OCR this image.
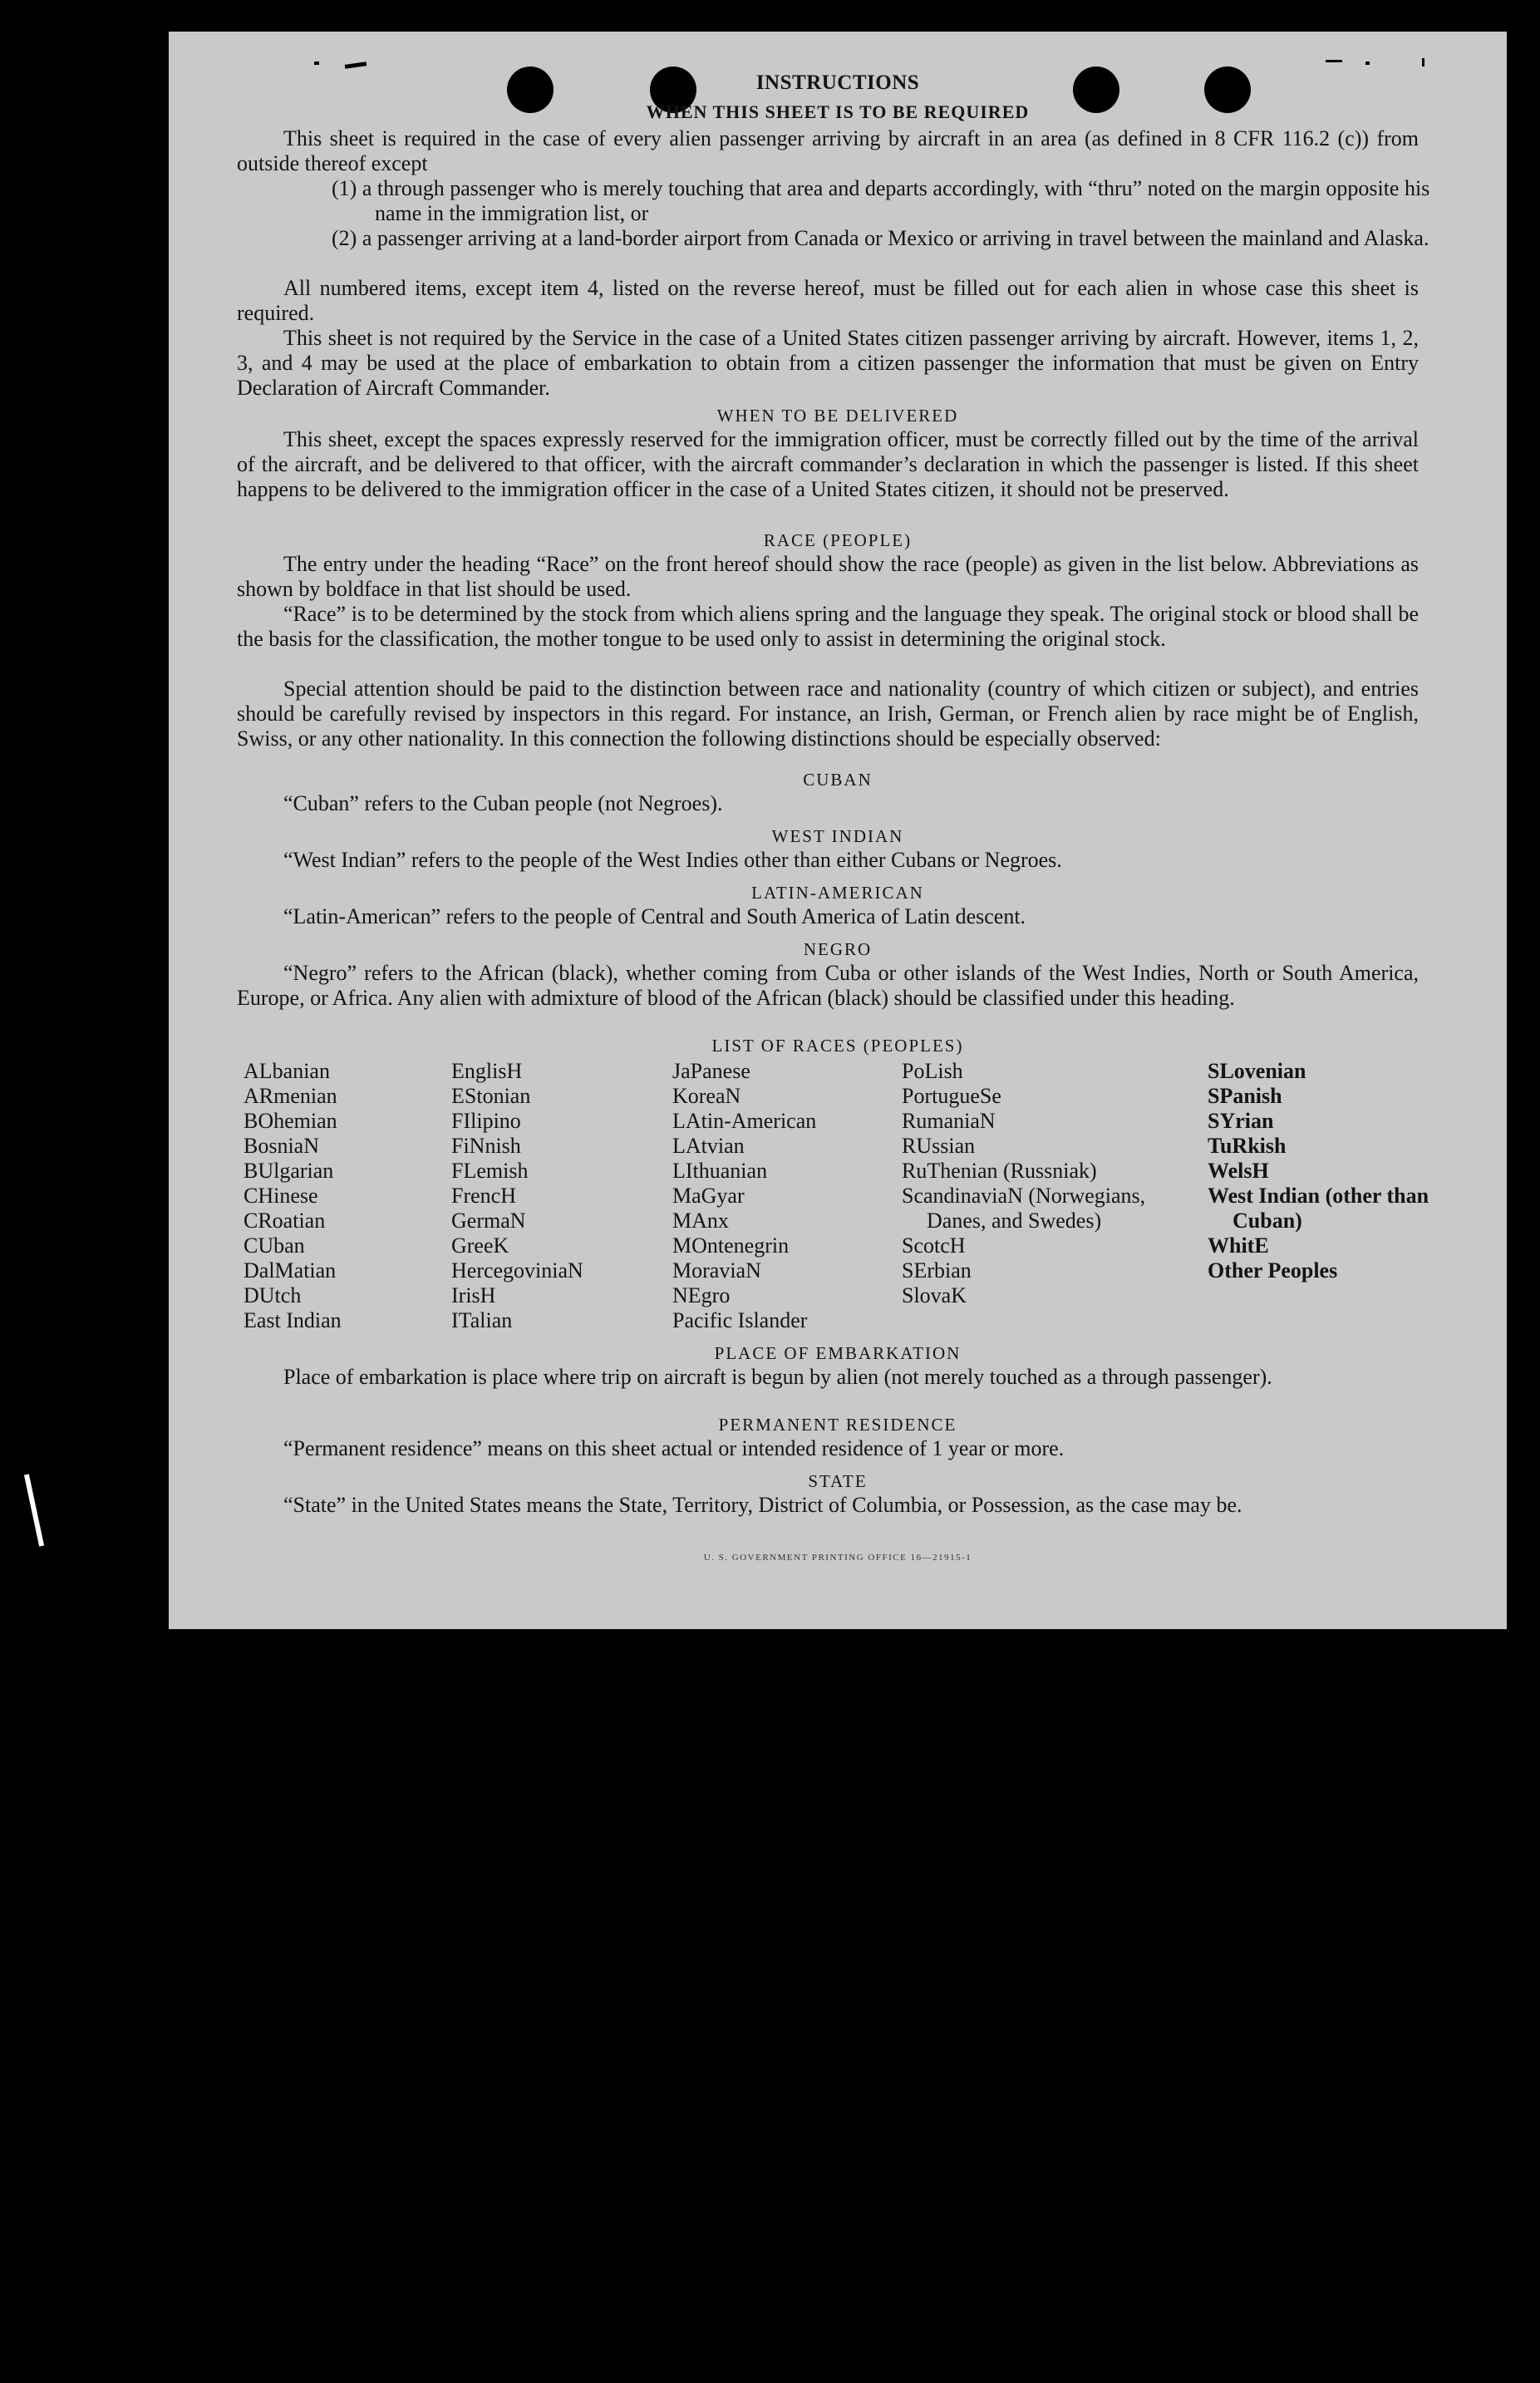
INSTRUCTIONS
WHEN THIS SHEET IS TO BE REQUIRED
This sheet is required in the case of every alien passenger arriving by aircraft in an area (as defined in 8 CFR 116.2 (c)) from outside thereof except
(1) a through passenger who is merely touching that area and departs accordingly, with “thru” noted on the margin opposite his name in the immigration list, or
(2) a passenger arriving at a land-border airport from Canada or Mexico or arriving in travel between the mainland and Alaska.
All numbered items, except item 4, listed on the reverse hereof, must be filled out for each alien in whose case this sheet is required.
This sheet is not required by the Service in the case of a United States citizen passenger arriving by aircraft. However, items 1, 2, 3, and 4 may be used at the place of embarkation to obtain from a citizen passenger the information that must be given on Entry Declaration of Aircraft Commander.
WHEN TO BE DELIVERED
This sheet, except the spaces expressly reserved for the immigration officer, must be correctly filled out by the time of the arrival of the aircraft, and be delivered to that officer, with the aircraft commander’s declaration in which the passenger is listed. If this sheet happens to be delivered to the immigration officer in the case of a United States citizen, it should not be preserved.
RACE (PEOPLE)
The entry under the heading “Race” on the front hereof should show the race (people) as given in the list below. Abbreviations as shown by boldface in that list should be used.
“Race” is to be determined by the stock from which aliens spring and the language they speak. The original stock or blood shall be the basis for the classification, the mother tongue to be used only to assist in determining the original stock.
Special attention should be paid to the distinction between race and nationality (country of which citizen or subject), and entries should be carefully revised by inspectors in this regard. For instance, an Irish, German, or French alien by race might be of English, Swiss, or any other nationality. In this connection the following distinctions should be especially observed:
CUBAN
“Cuban” refers to the Cuban people (not Negroes).
WEST INDIAN
“West Indian” refers to the people of the West Indies other than either Cubans or Negroes.
LATIN-AMERICAN
“Latin-American” refers to the people of Central and South America of Latin descent.
NEGRO
“Negro” refers to the African (black), whether coming from Cuba or other islands of the West Indies, North or South America, Europe, or Africa. Any alien with admixture of blood of the African (black) should be classified under this heading.
LIST OF RACES (PEOPLES)
ALbanian
ARmenian
BOhemian
BosniaN
BUlgarian
CHinese
CRoatian
CUban
DalMatian
DUtch
East Indian
EnglisH
EStonian
FIlipino
FiNnish
FLemish
FrencH
GermaN
GreeK
HercegoviniaN
IrisH
ITalian
JaPanese
KoreaN
LAtin-American
LAtvian
LIthuanian
MaGyar
MAnx
MOntenegrin
MoraviaN
NEgro
Pacific Islander
PoLish
PortugueSe
RumaniaN
RUssian
RuThenian (Russniak)
ScandinaviaN (Norwegians, Danes, and Swedes)
ScotcH
SErbian
SlovaK
SLovenian
SPanish
SYrian
TuRkish
WelsH
West Indian (other than Cuban)
WhitE
Other Peoples
PLACE OF EMBARKATION
Place of embarkation is place where trip on aircraft is begun by alien (not merely touched as a through passenger).
PERMANENT RESIDENCE
“Permanent residence” means on this sheet actual or intended residence of 1 year or more.
STATE
“State” in the United States means the State, Territory, District of Columbia, or Possession, as the case may be.
U. S. GOVERNMENT PRINTING OFFICE 16—21915-1
